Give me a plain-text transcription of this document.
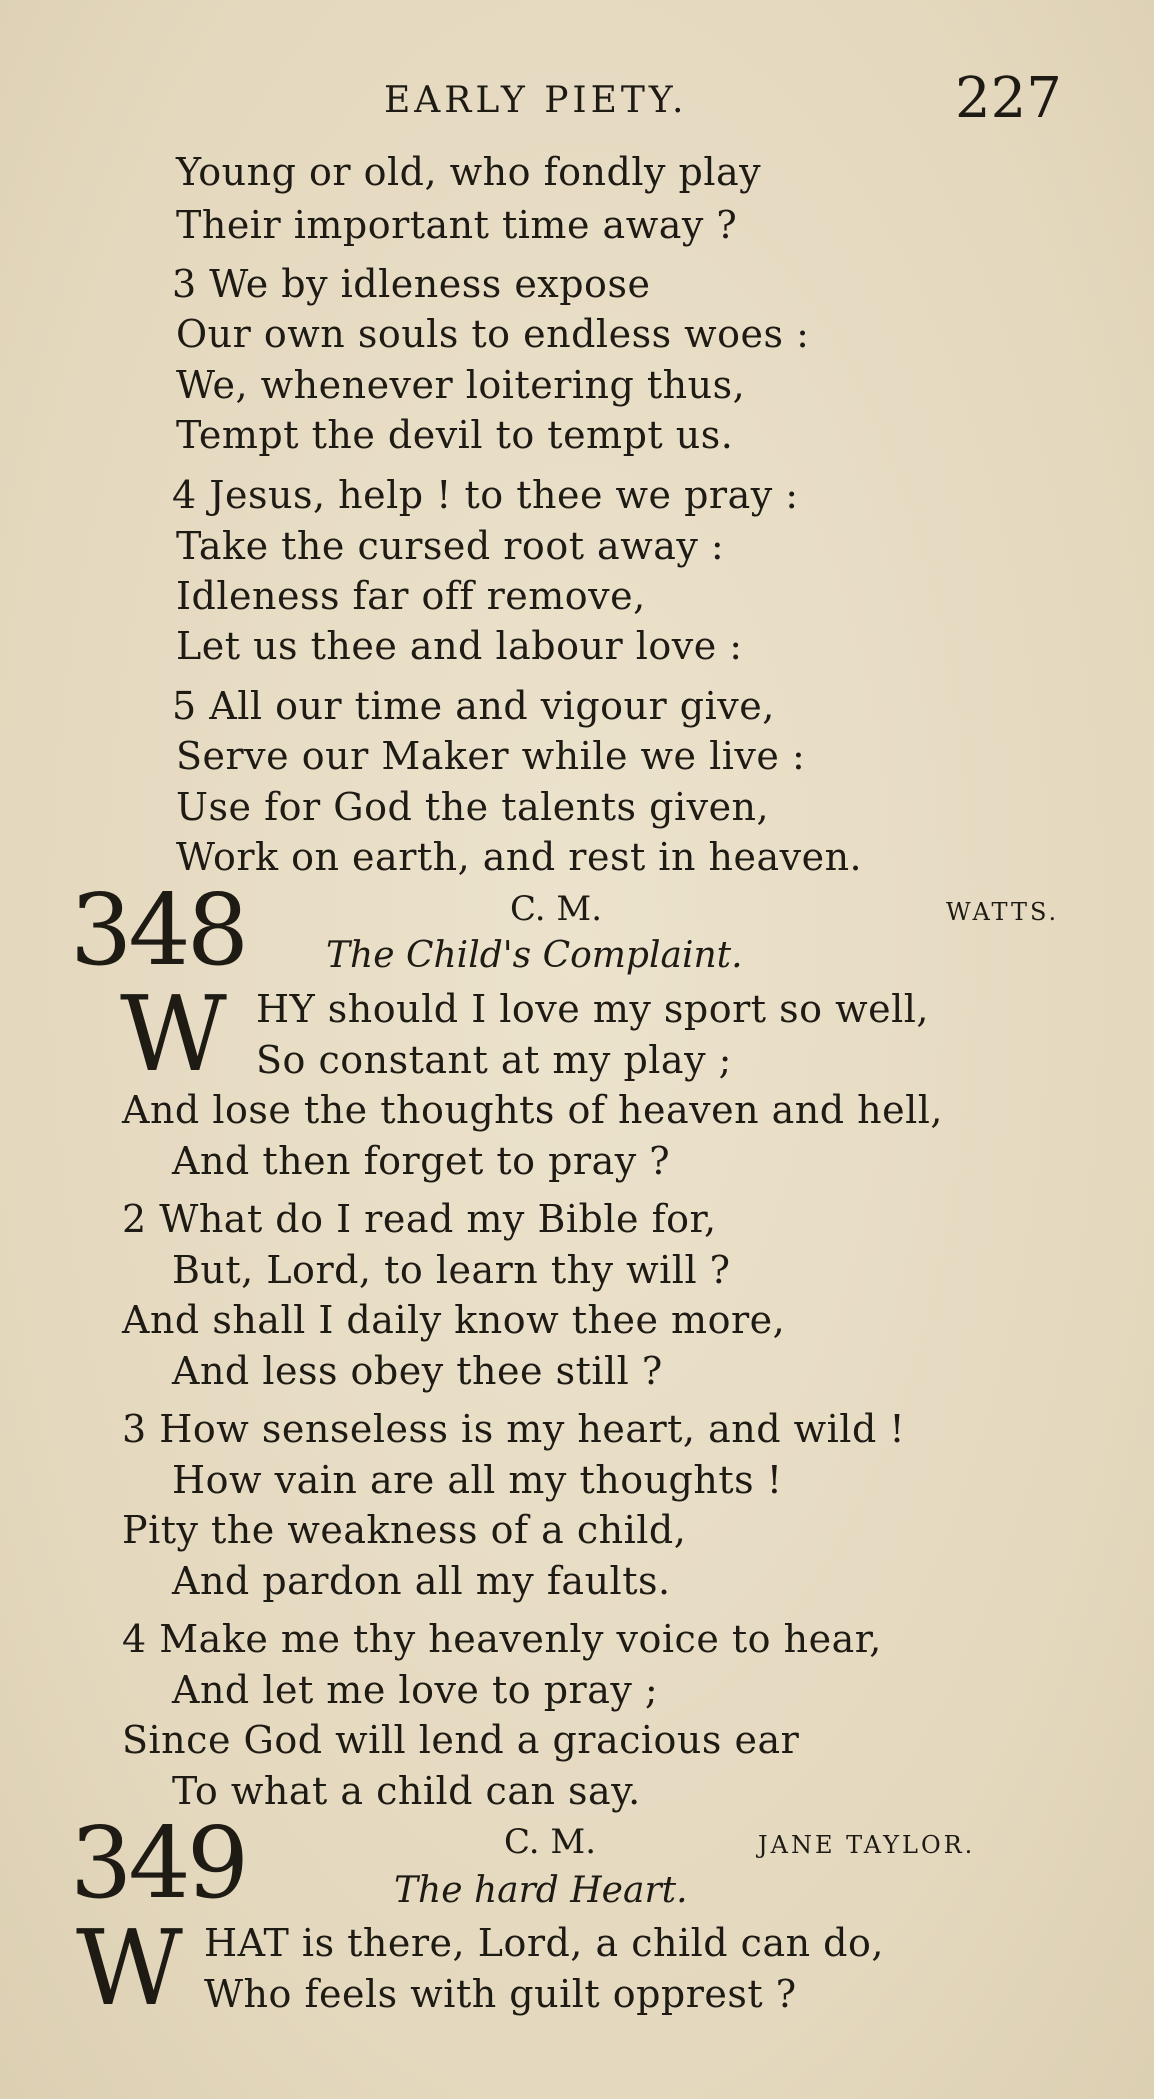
EARLY PIETY.	227
Young or old, who fondly play
Their important time away ?
3 We by idleness expose
Our own souls to endless woes :
We, whenever loitering thus,
Tempt the devil to tempt us.
4 Jesus, help ! to thee we pray :
Take the cursed root away :
Idleness far off remove,
Let us thee and labour love :
5 All our time and vigour give,
Serve our Maker while we live :
Use for God the talents given,
Work on earth, and rest in heaven.
348	C. M.	WATTS.
The Child's Complaint.
W HY should I love my sport so well,
So constant at my play ;
And lose the thoughts of heaven and hell,
And then forget to pray ?
2 What do I read my Bible for,
But, Lord, to learn thy will ?
And shall I daily know thee more,
And less obey thee still ?
3 How senseless is my heart, and wild !
How vain are all my thoughts !
Pity the weakness of a child,
And pardon all my faults.
4 Make me thy heavenly voice to hear,
And let me love to pray ;
Since God will lend a gracious ear
To what a child can say.
349	C. M.	JANE TAYLOR.
The hard Heart.
W HAT is there, Lord, a child can do,
Who feels with guilt opprest ?
